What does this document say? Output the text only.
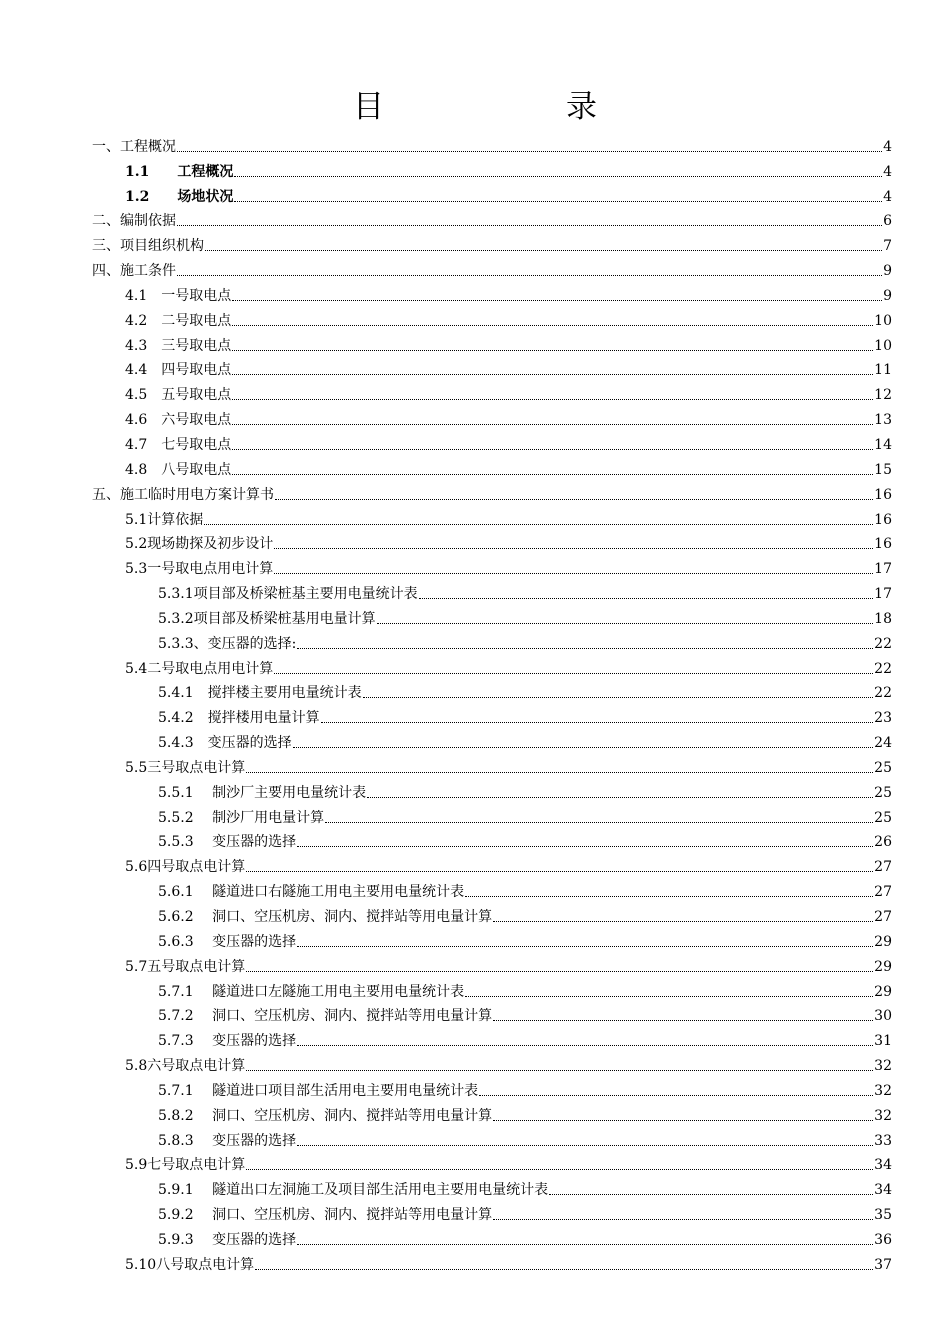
目　　录
一、工程概况	4
1.1　　工程概况	4
1.2　　场地状况	4
二、编制依据	6
三、项目组织机构	7
四、施工条件	9
4.1　一号取电点	9
4.2　二号取电点	10
4.3　三号取电点	10
4.4　四号取电点	11
4.5　五号取电点	12
4.6　六号取电点	13
4.7　七号取电点	14
4.8　八号取电点	15
五、施工临时用电方案计算书	16
5.1计算依据	16
5.2现场勘探及初步设计	16
5.3一号取电点用电计算	17
5.3.1项目部及桥梁桩基主要用电量统计表	17
5.3.2项目部及桥梁桩基用电量计算	18
5.3.3、变压器的选择:	22
5.4二号取电点用电计算	22
5.4.1　搅拌楼主要用电量统计表	22
5.4.2　搅拌楼用电量计算	23
5.4.3　变压器的选择	24
5.5三号取点电计算	25
5.5.1　 制沙厂主要用电量统计表	25
5.5.2　 制沙厂用电量计算	25
5.5.3　 变压器的选择	26
5.6四号取点电计算	27
5.6.1　 隧道进口右隧施工用电主要用电量统计表	27
5.6.2　 洞口、空压机房、洞内、搅拌站等用电量计算	27
5.6.3　 变压器的选择	29
5.7五号取点电计算	29
5.7.1　 隧道进口左隧施工用电主要用电量统计表	29
5.7.2　 洞口、空压机房、洞内、搅拌站等用电量计算	30
5.7.3　 变压器的选择	31
5.8六号取点电计算	32
5.7.1　 隧道进口项目部生活用电主要用电量统计表	32
5.8.2　 洞口、空压机房、洞内、搅拌站等用电量计算	32
5.8.3　 变压器的选择	33
5.9七号取点电计算	34
5.9.1　 隧道出口左洞施工及项目部生活用电主要用电量统计表	34
5.9.2　 洞口、空压机房、洞内、搅拌站等用电量计算	35
5.9.3　 变压器的选择	36
5.10八号取点电计算	37
